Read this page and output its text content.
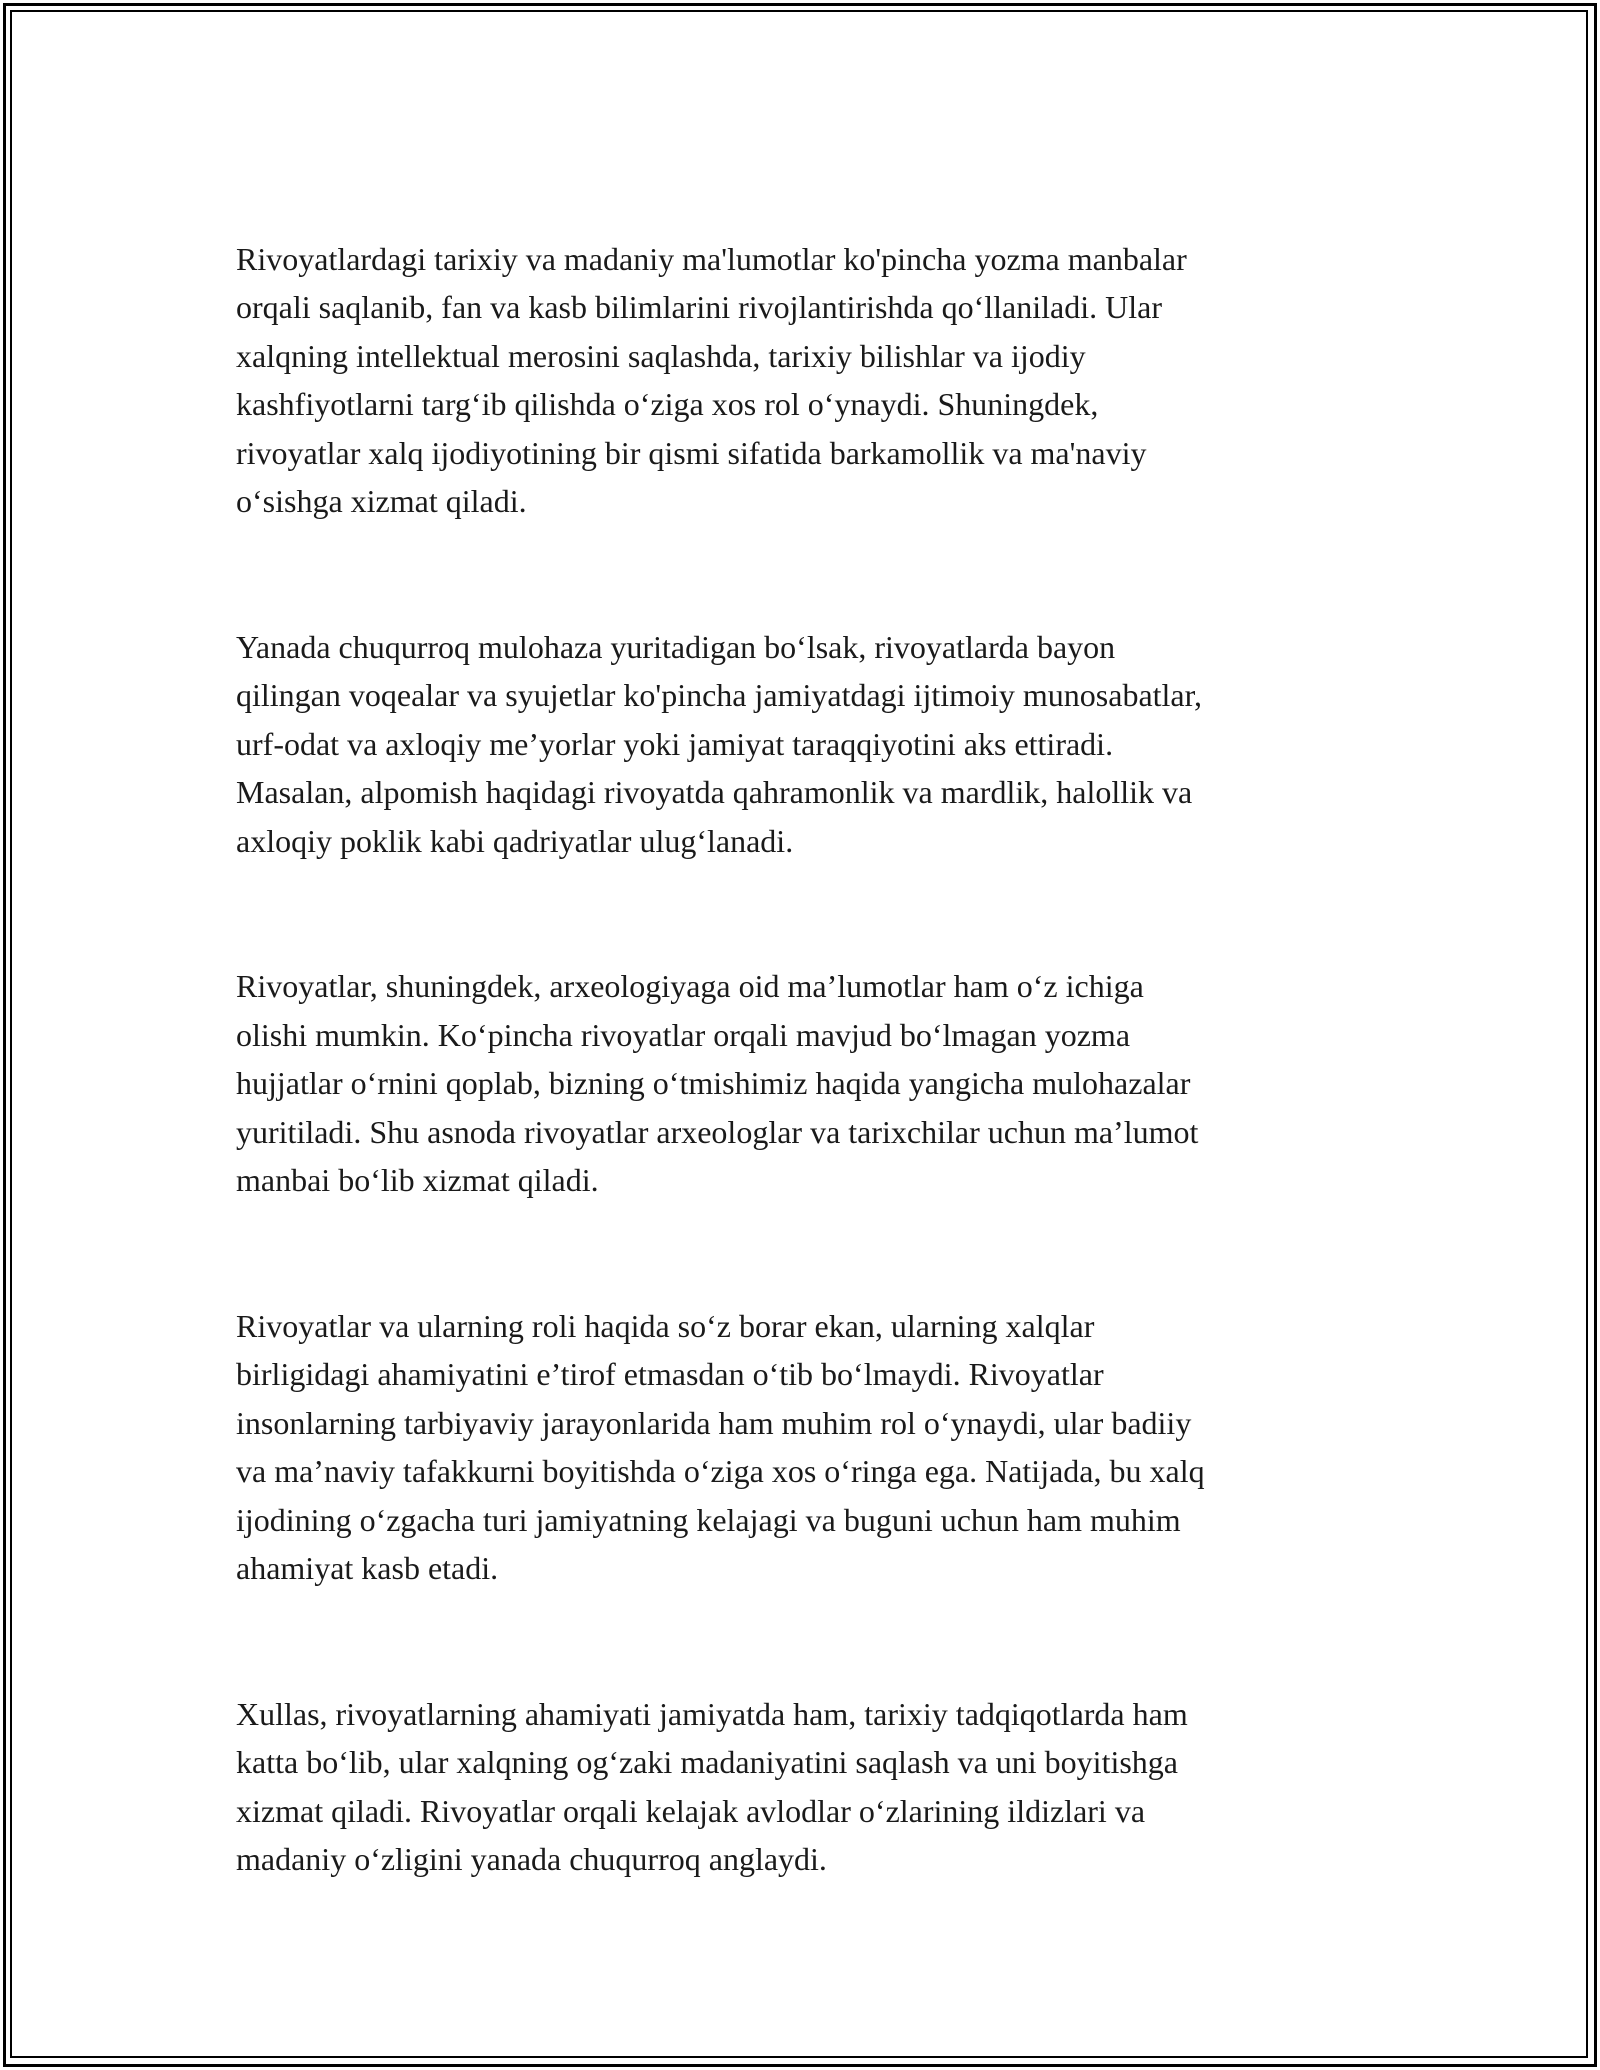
Rivoyatlardagi tarixiy va madaniy ma'lumotlar ko'pincha yozma manbalar
orqali saqlanib, fan va kasb bilimlarini rivojlantirishda qo‘llaniladi. Ular
xalqning intellektual merosini saqlashda, tarixiy bilishlar va ijodiy
kashfiyotlarni targ‘ib qilishda o‘ziga xos rol o‘ynaydi. Shuningdek,
rivoyatlar xalq ijodiyotining bir qismi sifatida barkamollik va ma'naviy
o‘sishga xizmat qiladi.

Yanada chuqurroq mulohaza yuritadigan bo‘lsak, rivoyatlarda bayon
qilingan voqealar va syujetlar ko'pincha jamiyatdagi ijtimoiy munosabatlar,
urf-odat va axloqiy me’yorlar yoki jamiyat taraqqiyotini aks ettiradi.
Masalan, alpomish haqidagi rivoyatda qahramonlik va mardlik, halollik va
axloqiy poklik kabi qadriyatlar ulug‘lanadi.

Rivoyatlar, shuningdek, arxeologiyaga oid ma’lumotlar ham o‘z ichiga
olishi mumkin. Ko‘pincha rivoyatlar orqali mavjud bo‘lmagan yozma
hujjatlar o‘rnini qoplab, bizning o‘tmishimiz haqida yangicha mulohazalar
yuritiladi. Shu asnoda rivoyatlar arxeologlar va tarixchilar uchun ma’lumot
manbai bo‘lib xizmat qiladi.

Rivoyatlar va ularning roli haqida so‘z borar ekan, ularning xalqlar
birligidagi ahamiyatini e’tirof etmasdan o‘tib bo‘lmaydi. Rivoyatlar
insonlarning tarbiyaviy jarayonlarida ham muhim rol o‘ynaydi, ular badiiy
va ma’naviy tafakkurni boyitishda o‘ziga xos o‘ringa ega. Natijada, bu xalq
ijodining o‘zgacha turi jamiyatning kelajagi va buguni uchun ham muhim
ahamiyat kasb etadi.

Xullas, rivoyatlarning ahamiyati jamiyatda ham, tarixiy tadqiqotlarda ham
katta bo‘lib, ular xalqning og‘zaki madaniyatini saqlash va uni boyitishga
xizmat qiladi. Rivoyatlar orqali kelajak avlodlar o‘zlarining ildizlari va
madaniy o‘zligini yanada chuqurroq anglaydi.
